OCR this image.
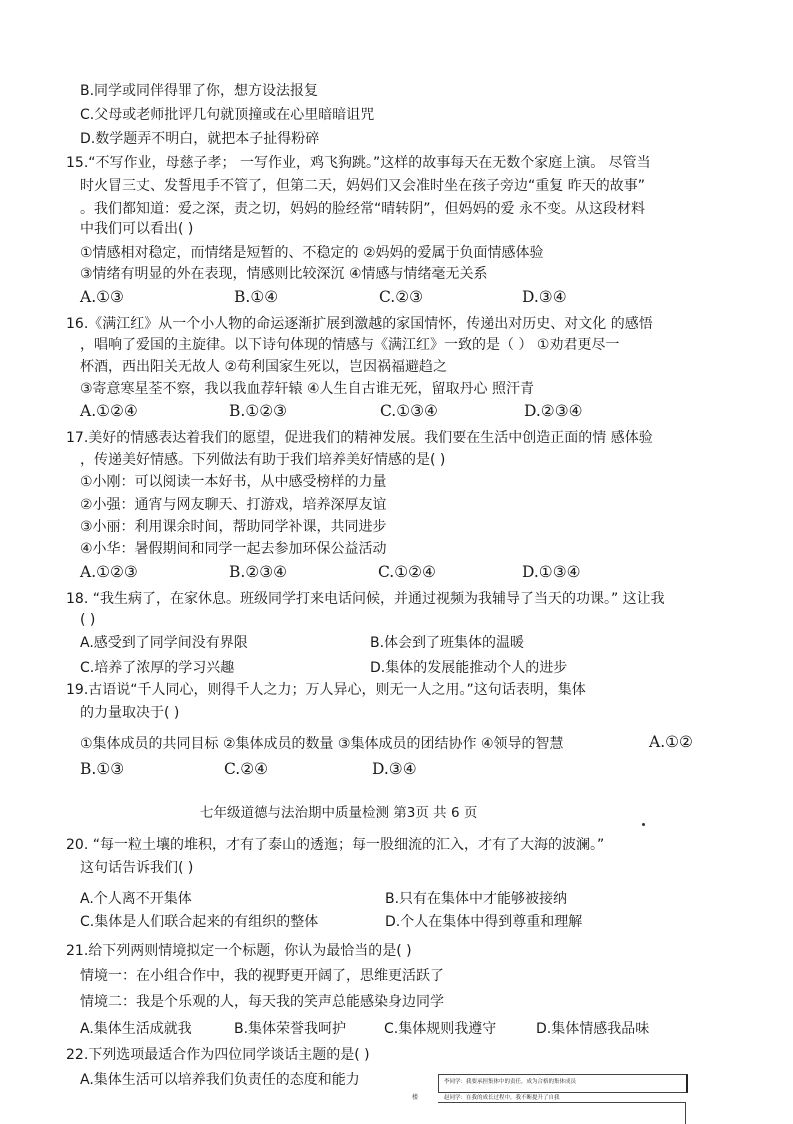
B.同学或同伴得罪了你，想方设法报复
C.父母或老师批评几句就顶撞或在心里暗暗诅咒
D.数学题弄不明白，就把本子扯得粉碎
15.“不写作业，母慈子孝； 一写作业，鸡飞狗跳。”这样的故事每天在无数个家庭上演。 尽管当
时火冒三丈、发誓甩手不管了，但第二天，妈妈们又会准时坐在孩子旁边“重复 昨天的故事”
。我们都知道：爱之深，责之切，妈妈的脸经常“晴转阴”，但妈妈的爱 永不变。从这段材料
中我们可以看出( )
①情感相对稳定，而情绪是短暂的、不稳定的 ②妈妈的爱属于负面情感体验
③情绪有明显的外在表现，情感则比较深沉 ④情感与情绪毫无关系
A.①③	B.①④	C.②③	D.③④
16.《满江红》从一个小人物的命运逐渐扩展到激越的家国情怀，传递出对历史、对文化 的感悟
，唱响了爱国的主旋律。以下诗句体现的情感与《满江红》一致的是（ ） ①劝君更尽一
杯酒，西出阳关无故人 ②苟利国家生死以，岂因祸福避趋之
③寄意寒星荃不察，我以我血荐轩辕 ④人生自古谁无死，留取丹心 照汗青
A.①②④	B.①②③	C.①③④	D.②③④
17.美好的情感表达着我们的愿望，促进我们的精神发展。我们要在生活中创造正面的情 感体验
，传递美好情感。下列做法有助于我们培养美好情感的是( )
①小刚：可以阅读一本好书，从中感受榜样的力量
②小强：通宵与网友聊天、打游戏，培养深厚友谊
③小丽：利用课余时间，帮助同学补课，共同进步
④小华：暑假期间和同学一起去参加环保公益活动
A.①②③	B.②③④	C.①②④	D.①③④
18. “我生病了，在家休息。班级同学打来电话问候，并通过视频为我辅导了当天的功课。” 这让我
( )
A.感受到了同学间没有界限	B.体会到了班集体的温暖
C.培养了浓厚的学习兴趣	D.集体的发展能推动个人的进步
19.古语说“千人同心，则得千人之力；万人异心，则无一人之用。”这句话表明，集体
的力量取决于( )
①集体成员的共同目标 ②集体成员的数量 ③集体成员的团结协作 ④领导的智慧	A.①②
B.①③	C.②④	D.③④
七年级道德与法治期中质量检测 第3页 共 6 页
20. “每一粒土壤的堆积，才有了泰山的透迤；每一股细流的汇入，才有了大海的波澜。”
这句话告诉我们( )
A.个人离不开集体	B.只有在集体中才能够被接纳
C.集体是人们联合起来的有组织的整体	D.个人在集体中得到尊重和理解
21.给下列两则情境拟定一个标题，你认为最恰当的是( )
情境一：在小组合作中，我的视野更开阔了，思维更活跃了
情境二：我是个乐观的人，每天我的笑声总能感染身边同学
A.集体生活成就我	B.集体荣誉我呵护	C.集体规则我遵守	D.集体情感我品味
22.下列选项最适合作为四位同学谈话主题的是( )
A.集体生活可以培养我们负责任的态度和能力	李同学：我要承担集体中的责任，成为合格的集体成员
楼	赵同学：在我的成长过程中，我不断提升了自我
